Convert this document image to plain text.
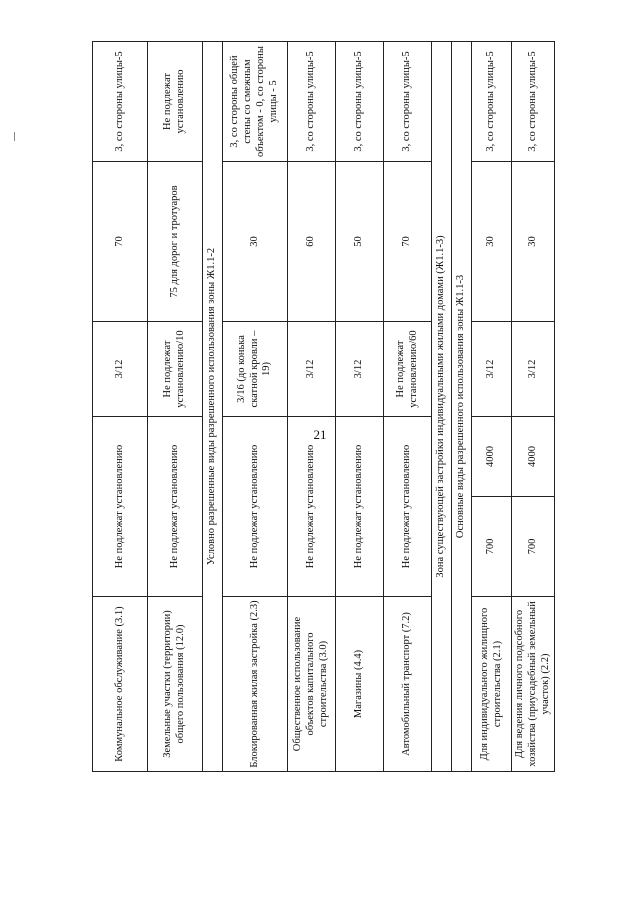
21
Коммунальное обслуживание (3.1)	Не подлежат установлению		3/12	70	3, со стороны улицы-5
Земельные участки (территории) общего пользования (12.0)	Не подлежат установлению		Не подлежат установлению/10	75 для дорог и тротуаров	Не подлежат установлению
Условно разрешенные виды разрешенного использования зоны Ж1.1-2					
Блокированная жилая застройка (2.3)	Не подлежат установлению		3/16 (до конька скатной кровли – 19)	30	3, со стороны общей стены со смежным объектом - 0, со стороны улицы - 5
Общественное использование объектов капитального строительства (3.0)	Не подлежат установлению		3/12	60	3, со стороны улицы-5
Магазины (4.4)	Не подлежат установлению		3/12	50	3, со стороны улицы-5
Автомобильный транспорт (7.2)	Не подлежат установлению		Не подлежат установлению/60	70	3, со стороны улицы-5
Зона существующей застройки индивидуальными жилыми домами (Ж1.1-3)					
Основные виды разрешенного использования зоны Ж1.1-3					
Для индивидуального жилищного строительства (2.1)	700	4000	3/12	30	3, со стороны улицы-5
Для ведения личного подсобного хозяйства (приусадебный земельный участок) (2.2)	700	4000	3/12	30	3, со стороны улицы-5
